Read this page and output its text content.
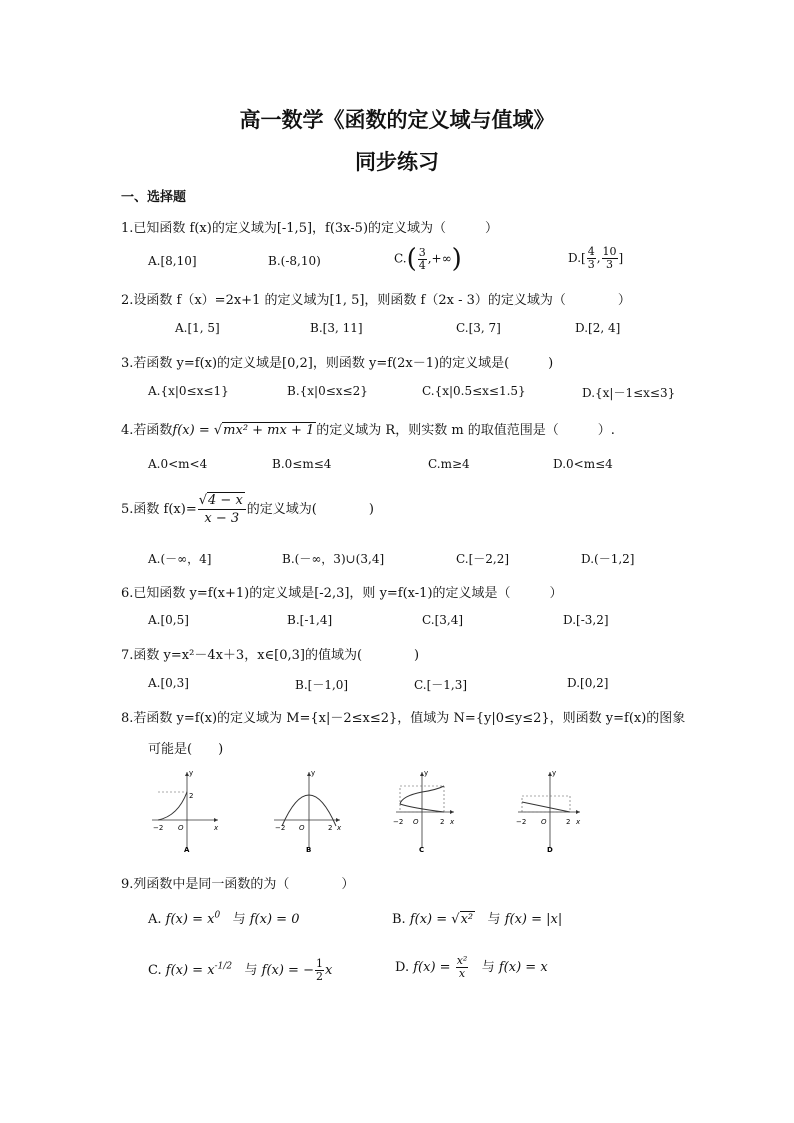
高一数学《函数的定义域与值域》
同步练习
一、选择题
1.已知函数 f(x)的定义域为[-1,5]，f(3x-5)的定义域为（　　　）
A.[8,10]	B.(-8,10)	$C.( \frac{3}{4}$ ,+∞)	$D.[ \frac{4}{3}$ , $\frac{10}{3}$ ]
2.设函数 f（x）=2x+1 的定义域为[1, 5]，则函数 f（2x - 3）的定义域为（　　　　）
A.[1, 5]	B.[3, 11]	C.[3, 7]	D.[2, 4]
3.若函数 y=f(x)的定义域是[0,2]，则函数 y=f(2x－1)的定义域是(　　　)
A.{x|0≤x≤1}	B.{x|0≤x≤2}	C.{x|0.5≤x≤1.5}	D.{x|－1≤x≤3}
4.若函数f(x) = √mx² + mx + 1 的定义域为 R，则实数 m 的取值范围是（　　　）.
A.0<m<4	B.0≤m≤4	C.m≥4	D.0<m≤4
5.函数 $f(x)= \frac{√4 - x}{x - 3}$ 的定义域为(　　　　)
A.(－∞，4]	B.(－∞，3)∪(3,4]	C.[－2,2]	D.(－1,2]
6.已知函数 y=f(x+1)的定义域是[-2,3]，则 y=f(x-1)的定义域是（　　　）
A.[0,5]	B.[-1,4]	C.[3,4]	D.[-3,2]
7.函数 y=x²－4x＋3，x∈[0,3]的值域为(　　　　)
A.[0,3]	B.[－1,0]	C.[－1,3]	D.[0,2]
8.若函数 y=f(x)的定义域为 M={x|－2≤x≤2}，值域为 N={y|0≤y≤2}，则函数 y=f(x)的图象
可能是(　　)
y
x
O
−2
2
A
y
x
O
−2	2
B
y
x
O
−2	2
C
y
x
O
−2	2
D
9.列函数中是同一函数的为（　　　　）
A. $f(x) = x^0$ 与 f(x) = 0	B. f(x) = √x² 与 f(x) = |x|
C. $f(x) = x^{-1/2}$ 与 f(x) = − $\frac{1}{2}$ x	D. $f(x) = \frac{\text{x²}}{x}$ 与 f(x) = x
